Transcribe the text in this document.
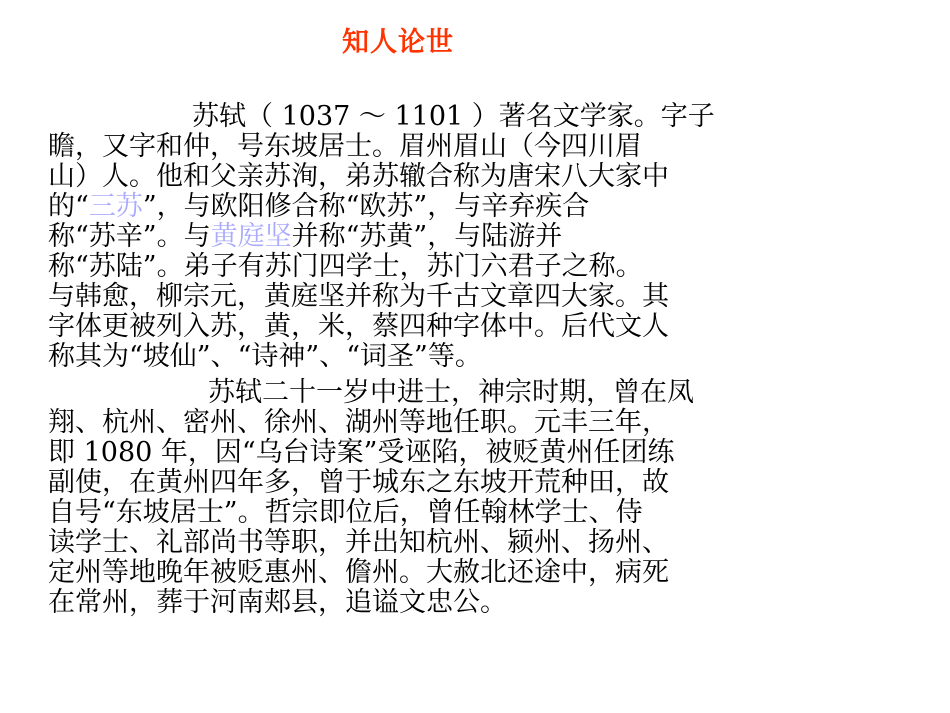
知人论世
苏轼（ 1037 ～ 1101 ）著名文学家。字子
瞻，又字和仲，号东坡居士。眉州眉山（今四川眉
山）人。他和父亲苏洵，弟苏辙合称为唐宋八大家中
的“三苏”，与欧阳修合称“欧苏”，与辛弃疾合
称“苏辛”。与黄庭坚并称“苏黄”，与陆游并
称“苏陆”。弟子有苏门四学士，苏门六君子之称。
与韩愈，柳宗元，黄庭坚并称为千古文章四大家。其
字体更被列入苏，黄，米，蔡四种字体中。后代文人
称其为“坡仙”、“诗神”、“词圣”等。
苏轼二十一岁中进士，神宗时期，曾在凤
翔、杭州、密州、徐州、湖州等地任职。元丰三年，
即 1080 年，因“乌台诗案”受诬陷，被贬黄州任团练
副使，在黄州四年多，曾于城东之东坡开荒种田，故
自号“东坡居士”。哲宗即位后，曾任翰林学士、侍
读学士、礼部尚书等职，并出知杭州、颍州、扬州、
定州等地晚年被贬惠州、儋州。大赦北还途中，病死
在常州，葬于河南郏县，追谥文忠公。
